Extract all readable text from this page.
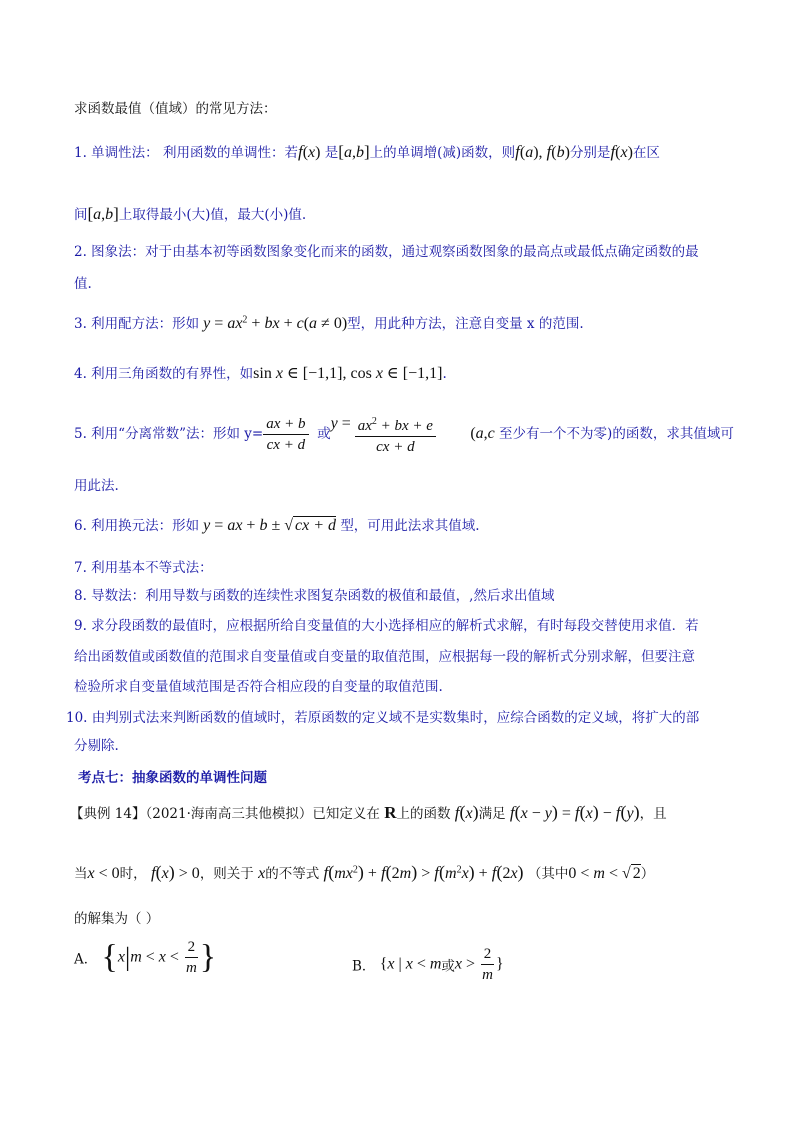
求函数最值（值域）的常见方法：
1. 单调性法： 利用函数的单调性：若f(x) 是[a,b]上的单调增(减)函数，则f(a), f(b)分别是f(x)在区
间[a,b]上取得最小(大)值，最大(小)值.
2. 图象法：对于由基本初等函数图象变化而来的函数，通过观察函数图象的最高点或最低点确定函数的最
值.
3. 利用配方法：形如 $y = ax^2$ + bx + c(a ≠ 0)型，用此种方法，注意自变量 x 的范围.
4. 利用三角函数的有界性，如sin x ∈ [−1,1], cos x ∈ [−1,1].
5. 利用“分离常数”法：形如 $y= \frac{ax + b}{cx + d}$ 或$y = \frac{ax^2 + bx + e}{cx + d} (a,c$ 至少有一个不为零)的函数，求其值域可
用此法.
6. 利用换元法：形如 y = ax + b ± √ cx + d 型，可用此法求其值域.
7. 利用基本不等式法：
8. 导数法：利用导数与函数的连续性求图复杂函数的极值和最值，,然后求出值域
9. 求分段函数的最值时，应根据所给自变量值的大小选择相应的解析式求解，有时每段交替使用求值．若
给出函数值或函数值的范围求自变量值或自变量的取值范围，应根据每一段的解析式分别求解，但要注意
检验所求自变量值域范围是否符合相应段的自变量的取值范围.
10. 由判别式法来判断函数的值域时，若原函数的定义域不是实数集时，应综合函数的定义域，将扩大的部
分剔除.
考点七：抽象函数的单调性问题
【典例 14】（2021·海南高三其他模拟）已知定义在 R上的函数 f(x)满足 f(x − y) = f(x) − f(y)，且
当x < 0时， f(x) > 0，则关于 x的不等式 $f(mx^2) + f(2m) > f(m^2x) + f(2x)$ （其中0 < m < √ 2）
的解集为（ ）
A． {$x|m < x < \frac{2}{m}$ }	B． {x | x < m或$x > \frac{2}{m}$ }
